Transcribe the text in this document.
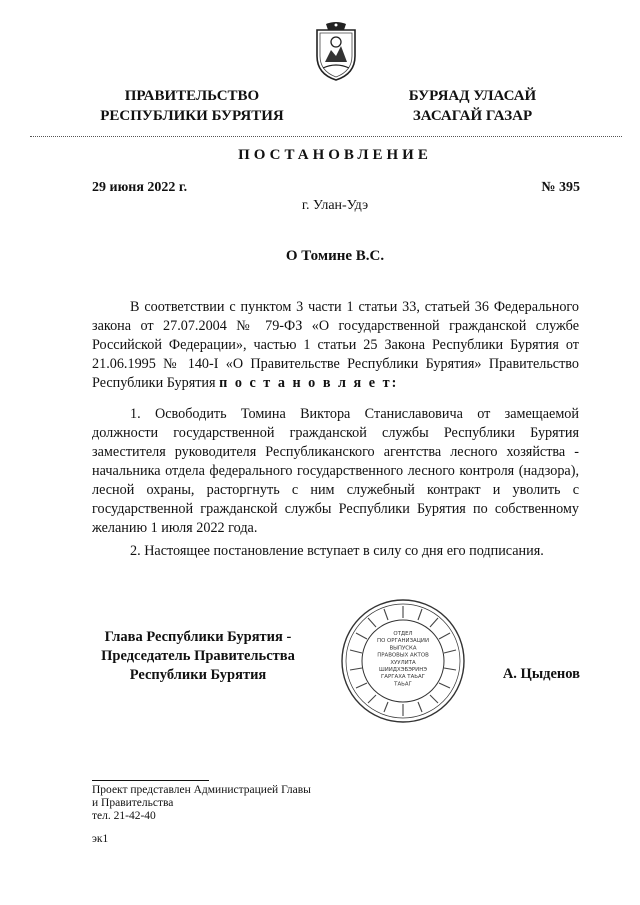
ПРАВИТЕЛЬСТВО
РЕСПУБЛИКИ БУРЯТИЯ
БУРЯАД УЛАСАЙ
ЗАСАГАЙ ГАЗАР
ПОСТАНОВЛЕНИЕ
29 июня 2022 г.	№ 395
г. Улан-Удэ
О Томине В.С.
В соответствии с пунктом 3 части 1 статьи 33, статьей 36 Федерального закона от 27.07.2004 № 79-ФЗ «О государственной гражданской службе Российской Федерации», частью 1 статьи 25 Закона Республики Бурятия от 21.06.1995 № 140-I «О Правительстве Республики Бурятия» Правительство Республики Бурятия п о с т а н о в л я е т:
1. Освободить Томина Виктора Станиславовича от замещаемой должности государственной гражданской службы Республики Бурятия заместителя руководителя Республиканского агентства лесного хозяйства - начальника отдела федерального государственного лесного контроля (надзора), лесной охраны, расторгнуть с ним служебный контракт и уволить с государственной гражданской службы Республики Бурятия по собственному желанию 1 июля 2022 года.
2. Настоящее постановление вступает в силу со дня его подписания.
Глава Республики Бурятия -
Председатель Правительства
Республики Бурятия
ОТДЕЛ
ПО ОРГАНИЗАЦИИ
ВЫПУСКА
ПРАВОВЫХ АКТОВ
ХУУЛИТА
ШИИДХЭБЭРИНЭ
ГАРГАХА ТАЬАГ
ТАЬАГ
А. Цыденов
Проект представлен Администрацией Главы
и Правительства
тел. 21-42-40
эк1
